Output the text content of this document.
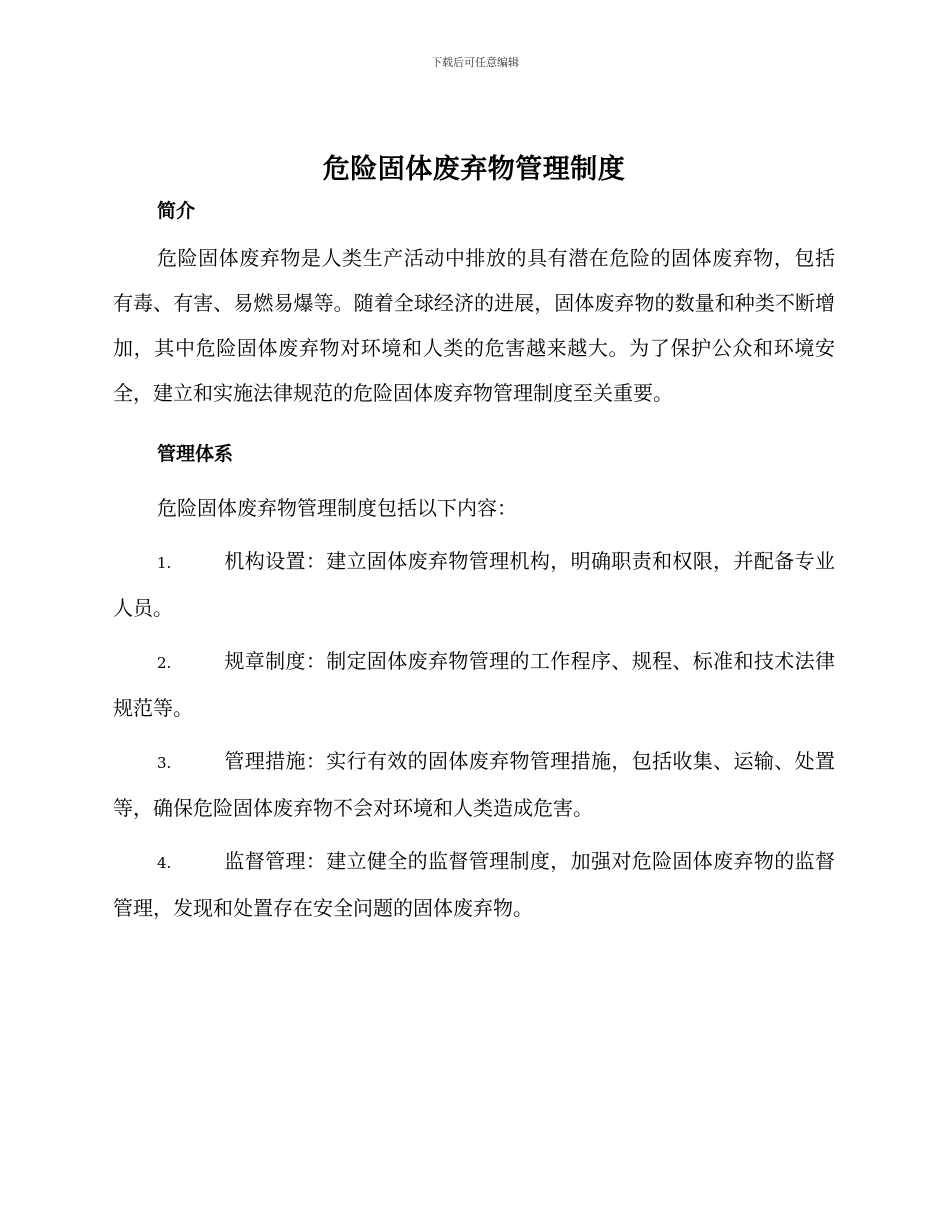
下载后可任意编辑
危险固体废弃物管理制度
简介

危险固体废弃物是人类生产活动中排放的具有潜在危险的固体废弃物，包括有毒、有害、易燃易爆等。随着全球经济的进展，固体废弃物的数量和种类不断增加，其中危险固体废弃物对环境和人类的危害越来越大。为了保护公众和环境安全，建立和实施法律规范的危险固体废弃物管理制度至关重要。

管理体系

危险固体废弃物管理制度包括以下内容：

1.	机构设置：建立固体废弃物管理机构，明确职责和权限，并配备专业人员。

2.	规章制度：制定固体废弃物管理的工作程序、规程、标准和技术法律规范等。

3.	管理措施：实行有效的固体废弃物管理措施，包括收集、运输、处置等，确保危险固体废弃物不会对环境和人类造成危害。

4.	监督管理：建立健全的监督管理制度，加强对危险固体废弃物的监督管理，发现和处置存在安全问题的固体废弃物。
